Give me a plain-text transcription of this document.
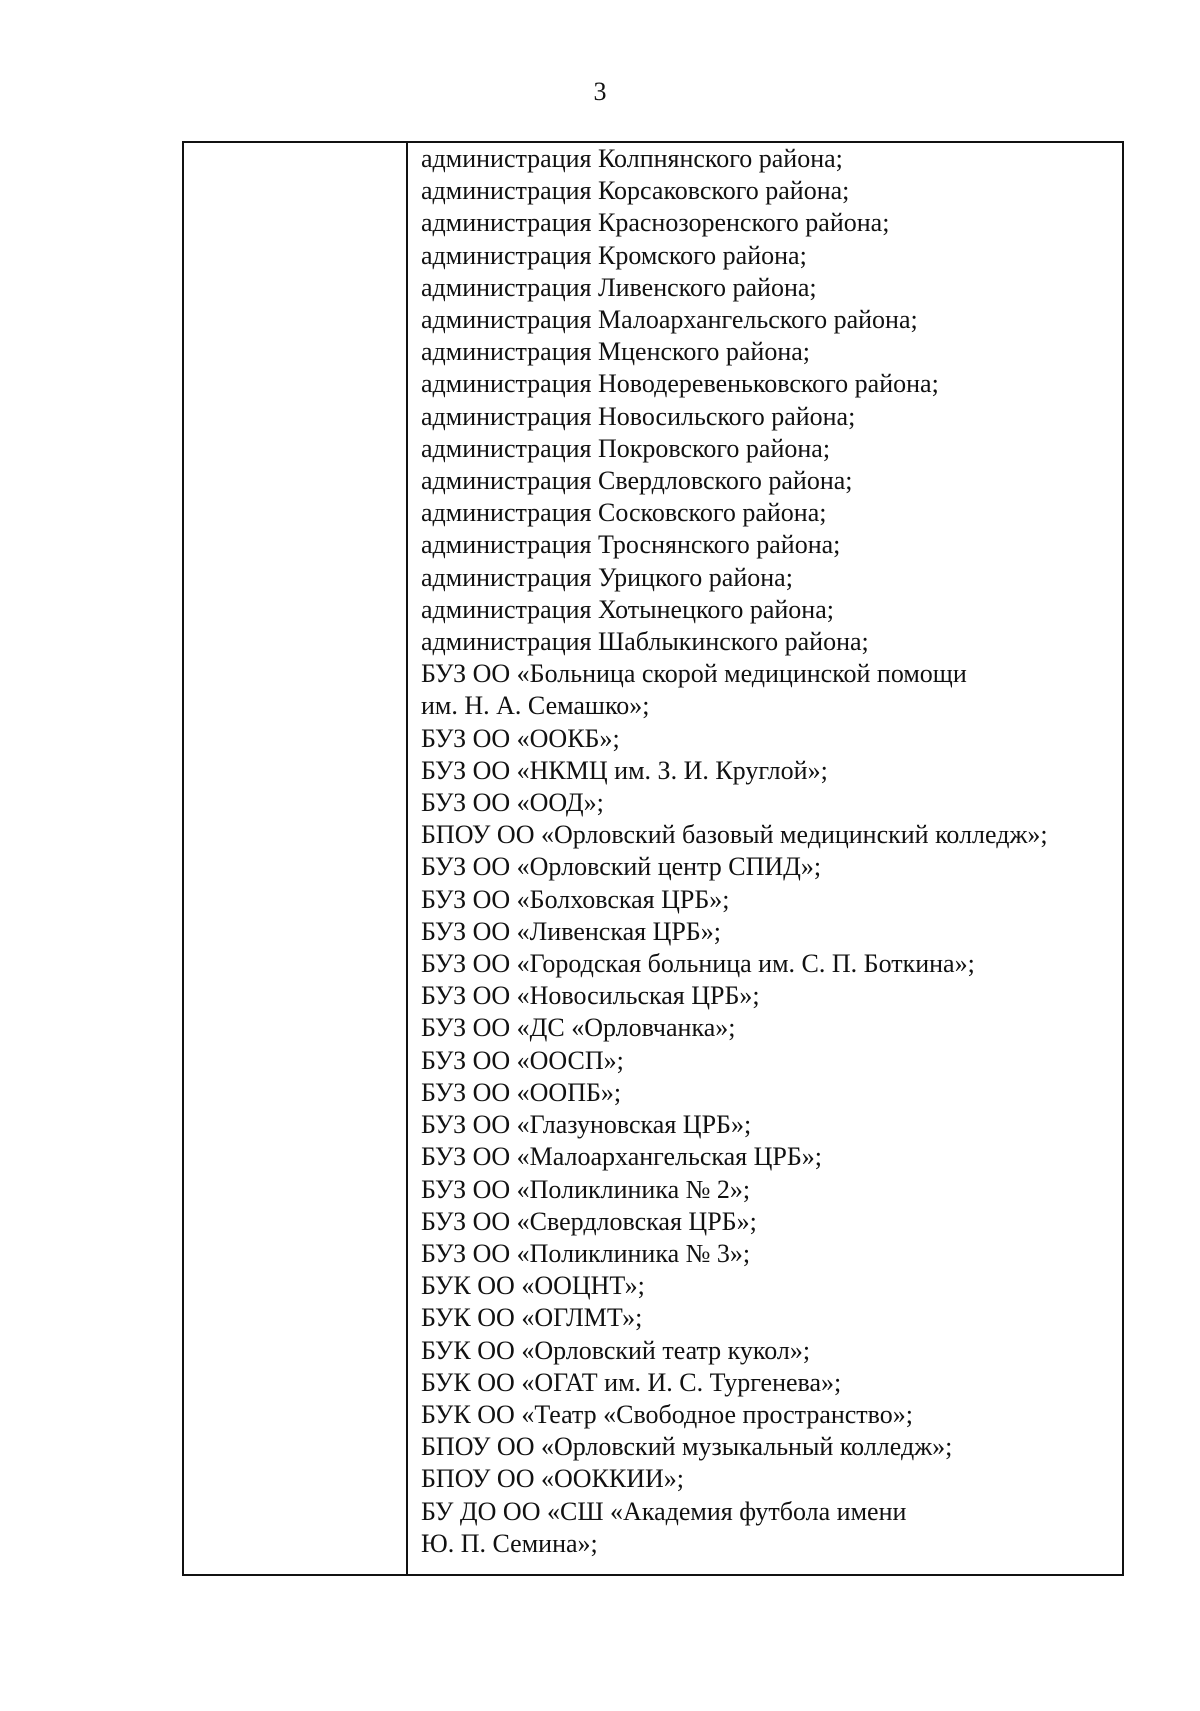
3
администрация Колпнянского района;
администрация Корсаковского района;
администрация Краснозоренского района;
администрация Кромского района;
администрация Ливенского района;
администрация Малоархангельского района;
администрация Мценского района;
администрация Новодеревеньковского района;
администрация Новосильского района;
администрация Покровского района;
администрация Свердловского района;
администрация Сосковского района;
администрация Троснянского района;
администрация Урицкого района;
администрация Хотынецкого района;
администрация Шаблыкинского района;
БУЗ ОО «Больница скорой медицинской помощи
им. Н. А. Семашко»;
БУЗ ОО «ООКБ»;
БУЗ ОО «НКМЦ им. З. И. Круглой»;
БУЗ ОО «ООД»;
БПОУ ОО «Орловский базовый медицинский колледж»;
БУЗ ОО «Орловский центр СПИД»;
БУЗ ОО «Болховская ЦРБ»;
БУЗ ОО «Ливенская ЦРБ»;
БУЗ ОО «Городская больница им. С. П. Боткина»;
БУЗ ОО «Новосильская ЦРБ»;
БУЗ ОО «ДС «Орловчанка»;
БУЗ ОО «ООСП»;
БУЗ ОО «ООПБ»;
БУЗ ОО «Глазуновская ЦРБ»;
БУЗ ОО «Малоархангельская ЦРБ»;
БУЗ ОО «Поликлиника № 2»;
БУЗ ОО «Свердловская ЦРБ»;
БУЗ ОО «Поликлиника № 3»;
БУК ОО «ООЦНТ»;
БУК ОО «ОГЛМТ»;
БУК ОО «Орловский театр кукол»;
БУК ОО «ОГАТ им. И. С. Тургенева»;
БУК ОО «Театр «Свободное пространство»;
БПОУ ОО «Орловский музыкальный колледж»;
БПОУ ОО «ООККИИ»;
БУ ДО ОО «СШ «Академия футбола имени
Ю. П. Семина»;
